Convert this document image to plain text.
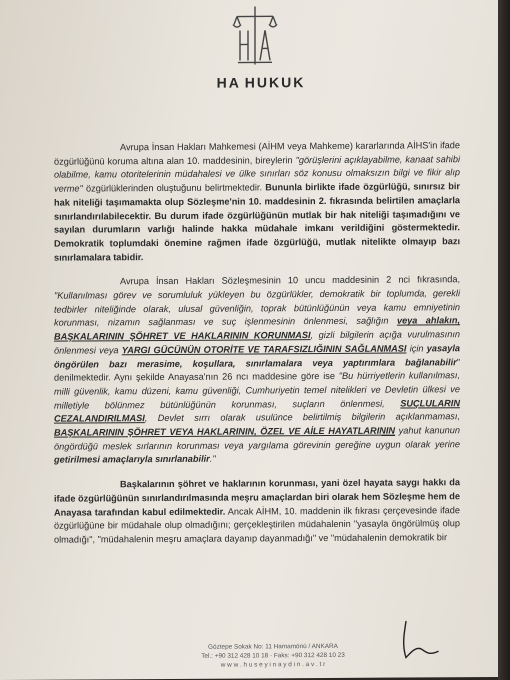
HA HUKUK

Avrupa İnsan Hakları Mahkemesi (AİHM veya Mahkeme) kararlarında AİHS'in ifade özgürlüğünü koruma altına alan 10. maddesinin, bireylerin "görüşlerini açıklayabilme, kanaat sahibi olabilme, kamu otoritelerinin müdahalesi ve ülke sınırları söz konusu olmaksızın bilgi ve fikir alıp verme" özgürlüklerinden oluştuğunu belirtmektedir. Bununla birlikte ifade özgürlüğü, sınırsız bir hak niteliği taşımamakta olup Sözleşme'nin 10. maddesinin 2. fıkrasında belirtilen amaçlarla sınırlandırılabilecektir. Bu durum ifade özgürlüğünün mutlak bir hak niteliği taşımadığını ve sayılan durumların varlığı halinde hakka müdahale imkanı verildiğini göstermektedir. Demokratik toplumdaki önemine rağmen ifade özgürlüğü, mutlak nitelikte olmayıp bazı sınırlamalara tabidir.

Avrupa İnsan Hakları Sözleşmesinin 10 uncu maddesinin 2 nci fıkrasında, "Kullanılması görev ve sorumluluk yükleyen bu özgürlükler, demokratik bir toplumda, gerekli tedbirler niteliğinde olarak, ulusal güvenliğin, toprak bütünlüğünün veya kamu emniyetinin korunması, nizamın sağlanması ve suç işlenmesinin önlenmesi, sağlığın veya ahlakın, BAŞKALARININ ŞÖHRET VE HAKLARININ KORUNMASI, gizli bilgilerin açığa vurulmasının önlenmesi veya YARGI GÜCÜNÜN OTORİTE VE TARAFSIZLIĞININ SAĞLANMASI için yasayla öngörülen bazı merasime, koşullara, sınırlamalara veya yaptırımlara bağlanabilir" denilmektedir. Aynı şekilde Anayasa'nın 26 ncı maddesine göre ise "Bu hürriyetlerin kullanılması, milli güvenlik, kamu düzeni, kamu güvenliği, Cumhuriyetin temel nitelikleri ve Devletin ülkesi ve milletiyle bölünmez bütünlüğünün korunması, suçların önlenmesi, SUÇLULARIN CEZALANDIRILMASI, Devlet sırrı olarak usulünce belirtilmiş bilgilerin açıklanmaması, BAŞKALARININ ŞÖHRET VEYA HAKLARININ, ÖZEL VE AİLE HAYATLARININ yahut kanunun öngördüğü meslek sırlarının korunması veya yargılama görevinin gereğine uygun olarak yerine getirilmesi amaçlarıyla sınırlanabilir."

Başkalarının şöhret ve haklarının korunması, yani özel hayata saygı hakkı da ifade özgürlüğünün sınırlandırılmasında meşru amaçlardan biri olarak hem Sözleşme hem de Anayasa tarafından kabul edilmektedir. Ancak AİHM, 10. maddenin ilk fıkrası çerçevesinde ifade özgürlüğüne bir müdahale olup olmadığını; gerçekleştirilen müdahalenin "yasayla öngörülmüş olup olmadığı", "müdahalenin meşru amaçlara dayanıp dayanmadığı" ve "müdahalenin demokratik bir

Göztepe Sokak No: 11 Hamamönü / ANKARA
Tel.: +90 312 428 10 18 · Faks: +90 312 428 10 23
w w w . h u s e y i n a y d i n . a v . t r
